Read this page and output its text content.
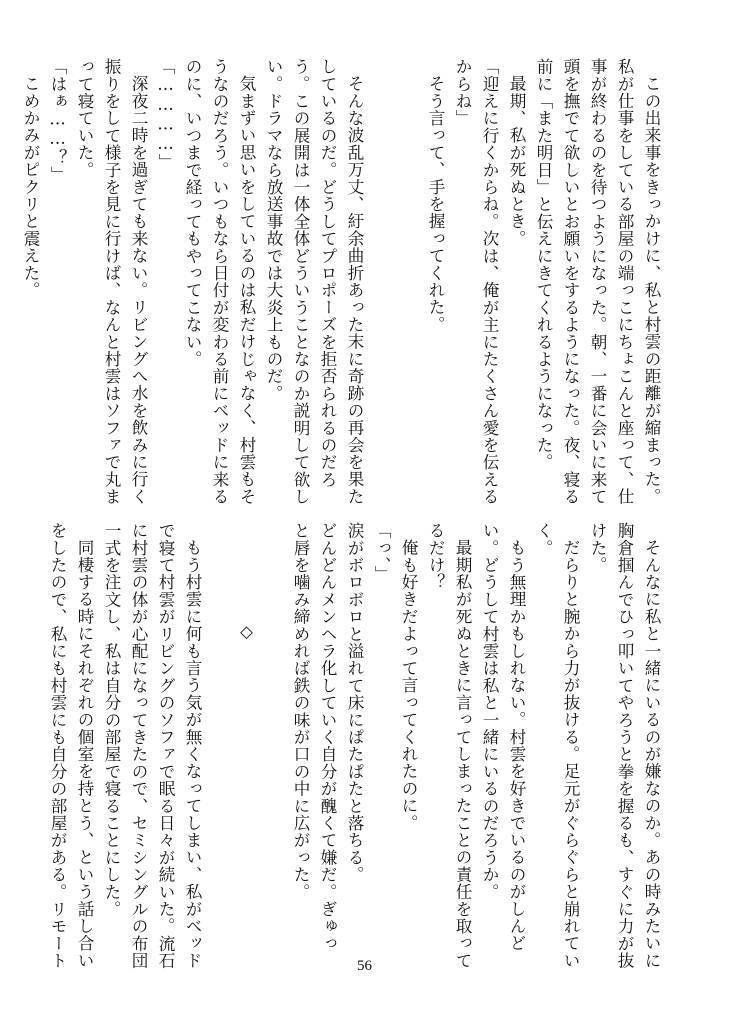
この出来事をきっかけに、私と村雲の距離が縮まった。

私が仕事をしている部屋の端っこにちょこんと座って、仕

事が終わるのを待つようになった。朝、一番に会いに来て

頭を撫でて欲しいとお願いをするようになった。夜、寝る

前に「また明日」と伝えにきてくれるようになった。

最期、私が死ぬとき。

「迎えに行くからね。次は、俺が主にたくさん愛を伝える

からね」

そう言って、手を握ってくれた。

そんな波乱万丈、紆余曲折あった末に奇跡の再会を果た

しているのだ。どうしてプロポーズを拒否られるのだろ

う。この展開は一体全体どういうことなのか説明して欲し

い。ドラマなら放送事故では大炎上ものだ。

気まずい思いをしているのは私だけじゃなく、村雲もそ

うなのだろう。いつもなら日付が変わる前にベッドに来る

のに、いつまで経ってもやってこない。

「…………」

深夜二時を過ぎても来ない。リビングへ水を飲みに行く

振りをして様子を見に行けば、なんと村雲はソファで丸ま

って寝ていた。

「はぁ……？」

こめかみがピクリと震えた。

そんなに私と一緒にいるのが嫌なのか。あの時みたいに

胸倉掴んでひっ叩いてやろうと拳を握るも、すぐに力が抜

けた。

だらりと腕から力が抜ける。足元がぐらぐらと崩れてい

く。

もう無理かもしれない。村雲を好きでいるのがしんど

い。どうして村雲は私と一緒にいるのだろうか。

最期私が死ぬときに言ってしまったことの責任を取って

るだけ？

俺も好きだよって言ってくれたのに。

「っ、」

涙がボロボロと溢れて床にぱたぱたと落ちる。

どんどんメンヘラ化していく自分が醜くて嫌だ。ぎゅっ

と唇を噛み締めれば鉄の味が口の中に広がった。

◇

もう村雲に何も言う気が無くなってしまい、私がベッド

で寝て村雲がリビングのソファで眠る日々が続いた。流石

に村雲の体が心配になってきたので、セミシングルの布団

一式を注文し、私は自分の部屋で寝ることにした。

同棲する時にそれぞれの個室を持とう、という話し合い

をしたので、私にも村雲にも自分の部屋がある。リモート	56
